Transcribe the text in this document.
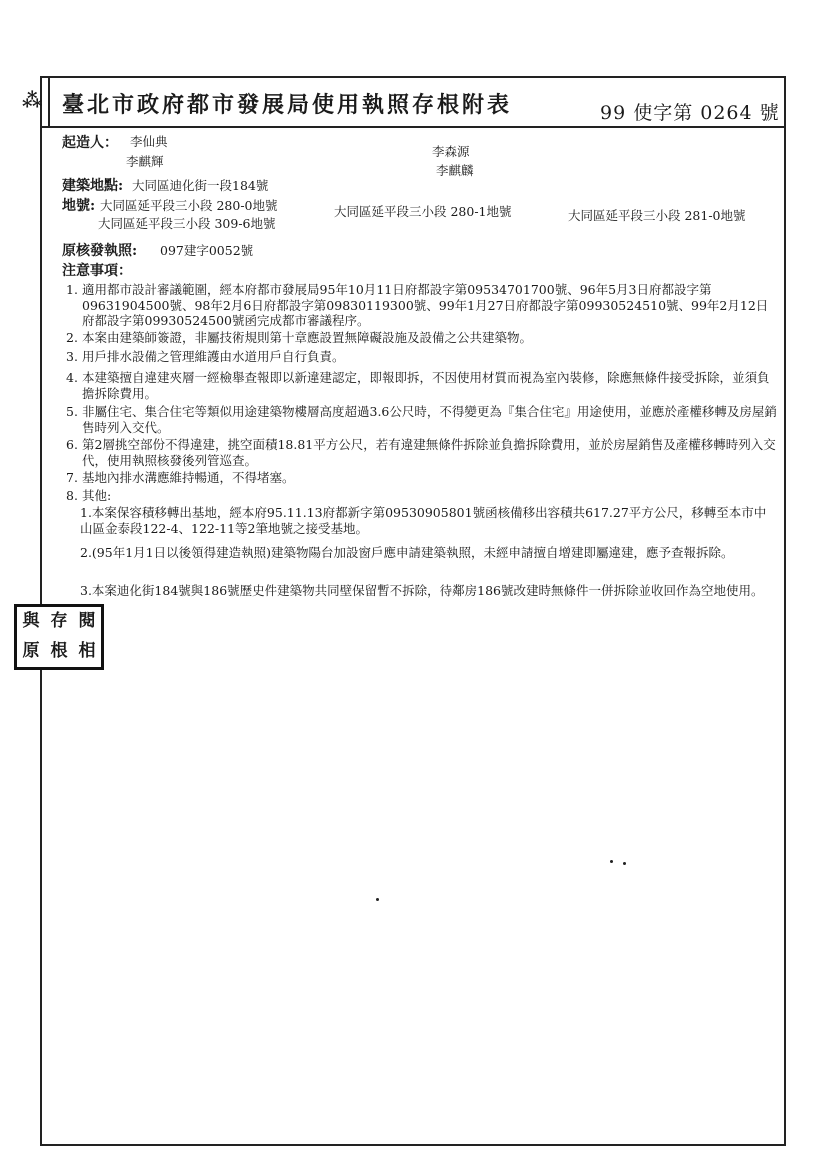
⁂ 臺北市政府都市發展局使用執照存根附表	99 使字第 0264 號
起造人： 李仙典
李森源
李麒輝
李麒麟
建築地點: 大同區迪化街一段184號
地號: 大同區延平段三小段 280-0地號	大同區延平段三小段 280-1地號	大同區延平段三小段 281-0地號
大同區延平段三小段 309-6地號
原核發執照: 097建字0052號
注意事項：
1. 適用都市設計審議範圍，經本府都市發展局95年10月11日府都設字第09534701700號、96年5月3日府都設字第09631904500號、98年2月6日府都設字第09830119300號、99年1月27日府都設字第09930524510號、99年2月12日府都設字第09930524500號函完成都市審議程序。
2. 本案由建築師簽證，非屬技術規則第十章應設置無障礙設施及設備之公共建築物。
3. 用戶排水設備之管理維護由水道用戶自行負責。
4. 本建築擅自違建夾層一經檢舉查報即以新違建認定，即報即拆，不因使用材質而視為室內裝修，除應無條件接受拆除，並須負擔拆除費用。
5. 非屬住宅、集合住宅等類似用途建築物樓層高度超過3.6公尺時，不得變更為『集合住宅』用途使用，並應於產權移轉及房屋銷售時列入交代。
6. 第2層挑空部份不得違建，挑空面積18.81平方公尺，若有違建無條件拆除並負擔拆除費用，並於房屋銷售及產權移轉時列入交代，使用執照核發後列管巡查。
7. 基地內排水溝應維持暢通，不得堵塞。
8. 其他:
1.本案保容積移轉出基地，經本府95.11.13府都新字第09530905801號函核備移出容積共617.27平方公尺，移轉至本市中山區金泰段122-4、122-11等2筆地號之接受基地。
2.(95年1月1日以後領得建造執照)建築物陽台加設窗戶應申請建築執照，未經申請擅自增建即屬違建，應予查報拆除。
3.本案迪化街184號與186號歷史件建築物共同壁保留暫不拆除，待鄰房186號改建時無條件一併拆除並收回作為空地使用。
與 存 閱
原 根 相
